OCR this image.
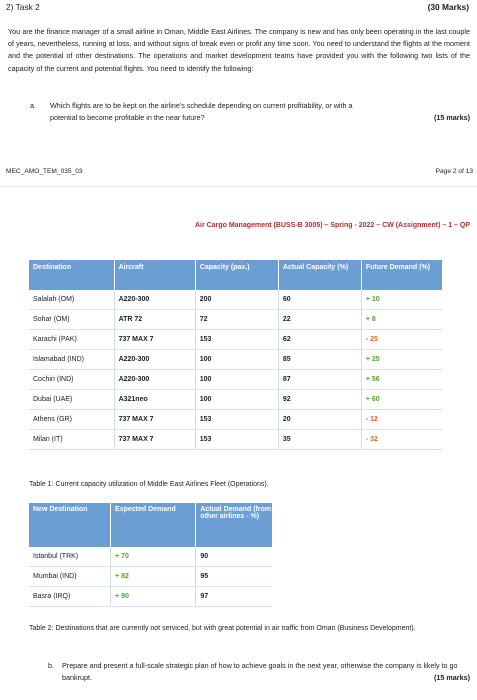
2) Task 2	(30 Marks)
You are the finance manager of a small airline in Oman, Middle East Airlines. The company is new and has only been operating in the last couple of years, nevertheless, running at loss, and without signs of break even or profit any time soon. You need to understand the flights at the moment and the potential of other destinations. The operations and market development teams have provided you with the following two lists of the capacity of the current and potential flights. You need to identify the following:
a. Which flights are to be kept on the airline's schedule depending on current profitability, or with a potential to become profitable in the near future?	(15 marks)
MEC_AMO_TEM_035_03	Page 2 of 13
Air Cargo Management (BUSS-B 3005) – Spring - 2022 – CW (Assignment) – 1 – QP
Destination	Aircraft	Capacity (pax.)	Actual Capacity (%)	Future Demand (%)
Salalah (OM)	A220-300	200	60	+ 10
Sohar (OM)	ATR 72	72	22	+ 8
Karachi (PAK)	737 MAX 7	153	62	- 25
Islamabad (IND)	A220-300	100	85	+ 25
Cochin (IND)	A220-300	100	87	+ 56
Dubai (UAE)	A321neo	100	92	+ 60
Athens (GR)	737 MAX 7	153	20	- 12
Milan (IT)	737 MAX 7	153	35	- 32
Table 1: Current capacity utilization of Middle East Airlines Fleet (Operations).
New Destination	Expected Demand	Actual Demand (from other airlines - %)
Istanbul (TRK)	+ 70	90
Mumbai (IND)	+ 82	95
Basra (IRQ)	+ 90	97
Table 2: Destinations that are currently not serviced, but with great potential in air traffic from Oman (Business Development).
b. Prepare and present a full-scale strategic plan of how to achieve goals in the next year, otherwise the company is likely to go bankrupt.	(15 marks)
